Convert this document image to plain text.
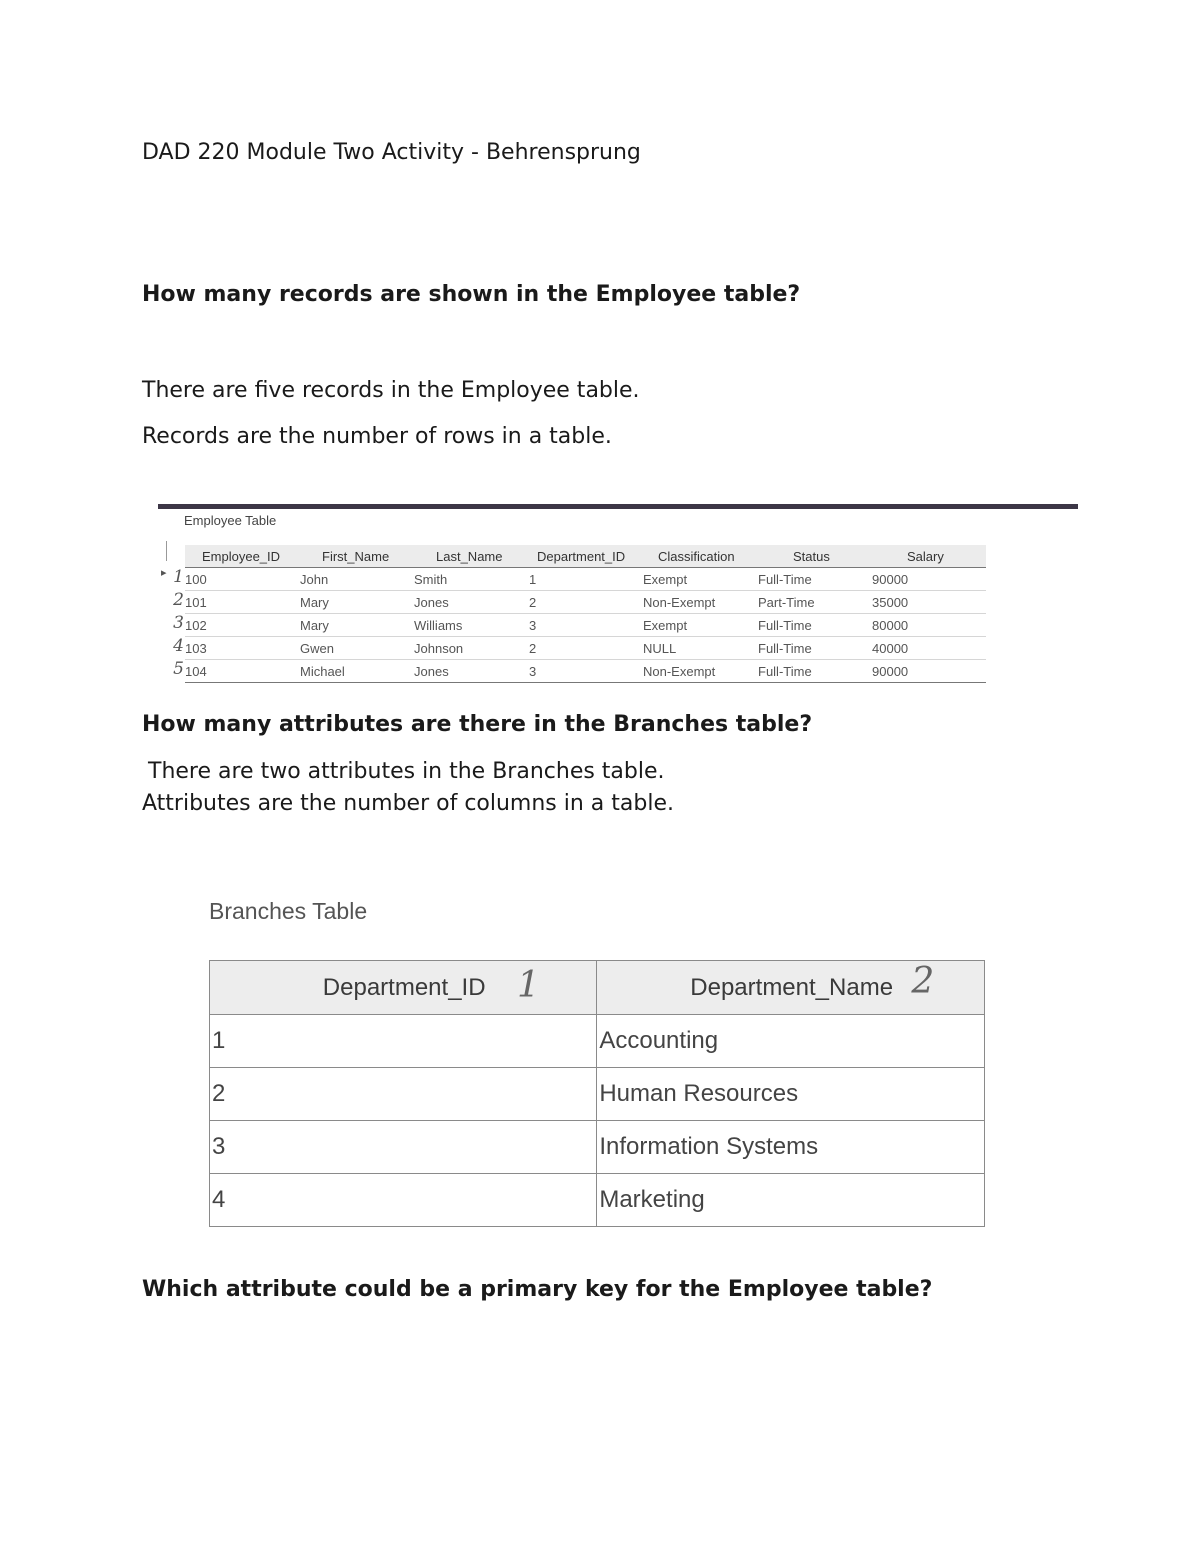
DAD 220 Module Two Activity - Behrensprung

How many records are shown in the Employee table?

There are five records in the Employee table.

Records are the number of rows in a table.

Employee Table

▸ 1
2
3
4
5
Employee_ID	First_Name	Last_Name	Department_ID	Classification	Status	Salary
100	John	Smith	1	Exempt	Full-Time	90000
101	Mary	Jones	2	Non-Exempt	Part-Time	35000
102	Mary	Williams	3	Exempt	Full-Time	80000
103	Gwen	Johnson	2	NULL	Full-Time	40000
104	Michael	Jones	3	Non-Exempt	Full-Time	90000

How many attributes are there in the Branches table?

There are two attributes in the Branches table.

Attributes are the number of columns in a table.

Branches Table

Department_ID 1	Department_Name 2

1	Accounting
2	Human Resources
3	Information Systems
4	Marketing

Which attribute could be a primary key for the Employee table?
